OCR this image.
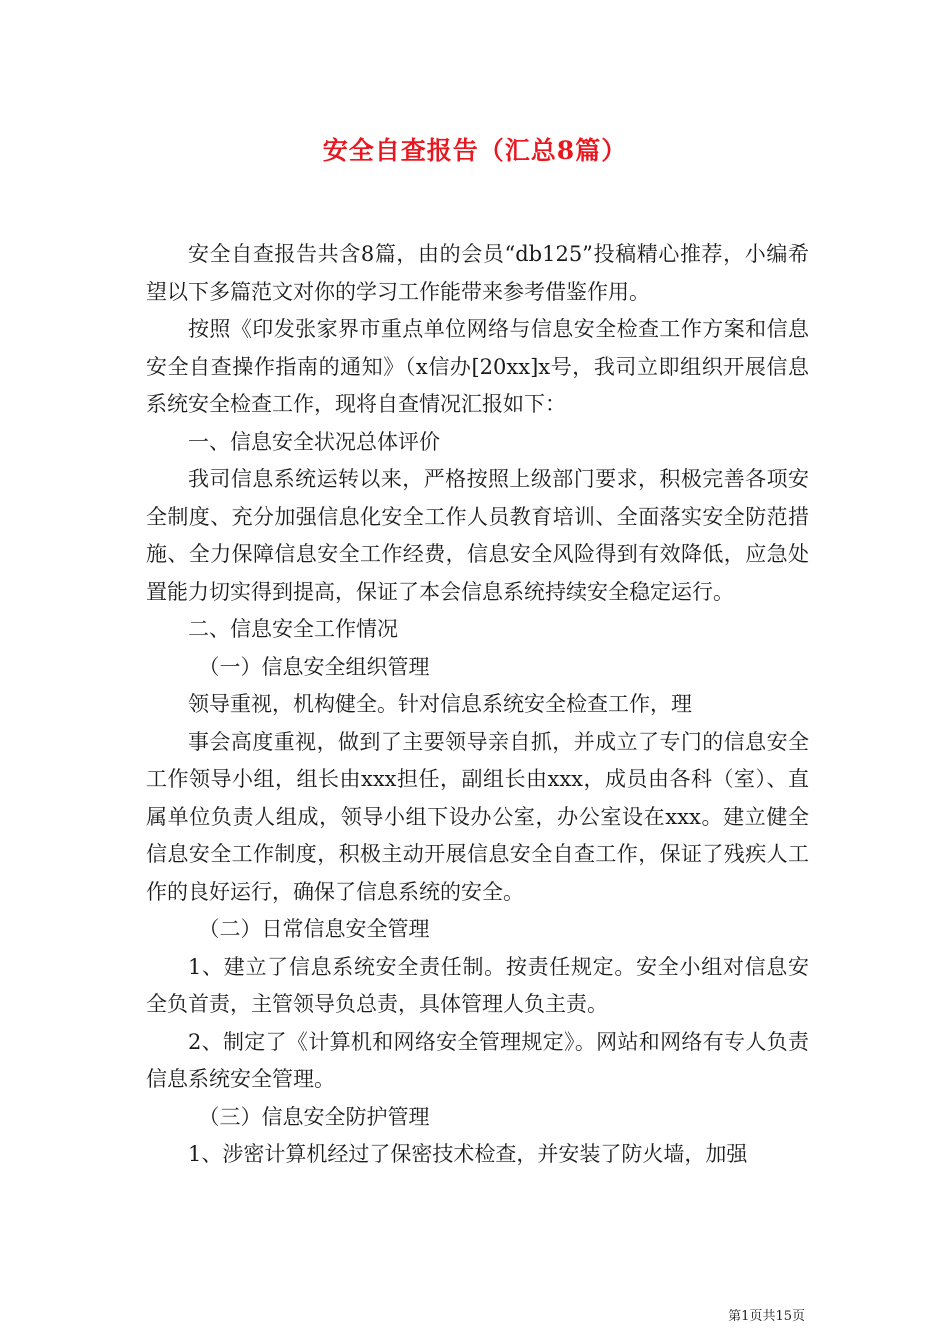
安全自查报告（汇总8篇）

安全自查报告共含8篇，由的会员“db125”投稿精心推荐，小编希望以下多篇范文对你的学习工作能带来参考借鉴作用。

按照《印发张家界市重点单位网络与信息安全检查工作方案和信息安全自查操作指南的通知》（x信办[20xx]x号，我司立即组织开展信息系统安全检查工作，现将自查情况汇报如下：

一、信息安全状况总体评价

我司信息系统运转以来，严格按照上级部门要求，积极完善各项安全制度、充分加强信息化安全工作人员教育培训、全面落实安全防范措施、全力保障信息安全工作经费，信息安全风险得到有效降低，应急处置能力切实得到提高，保证了本会信息系统持续安全稳定运行。

二、信息安全工作情况

（一）信息安全组织管理

领导重视，机构健全。针对信息系统安全检查工作，理

事会高度重视，做到了主要领导亲自抓，并成立了专门的信息安全工作领导小组，组长由xxx担任，副组长由xxx，成员由各科（室）、直属单位负责人组成，领导小组下设办公室，办公室设在xxx。建立健全信息安全工作制度，积极主动开展信息安全自查工作，保证了残疾人工作的良好运行，确保了信息系统的安全。

（二）日常信息安全管理

1、建立了信息系统安全责任制。按责任规定。安全小组对信息安全负首责，主管领导负总责，具体管理人负主责。

2、制定了《计算机和网络安全管理规定》。网站和网络有专人负责信息系统安全管理。

（三）信息安全防护管理

1、涉密计算机经过了保密技术检查，并安装了防火墙，加强

第1页共15页
